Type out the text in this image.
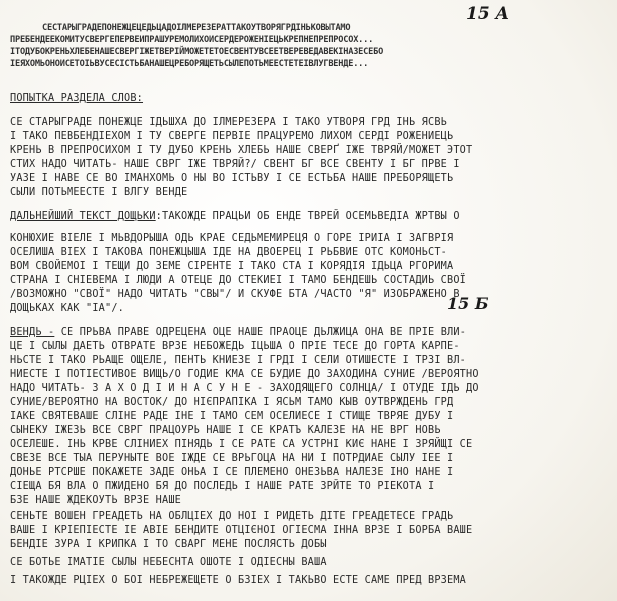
15 A
СЕСТАРЫГРАДЕПОНЕЖЦЕЦЕДЬЦАДОІЛМЕРЕЗЕРАТТАКОУТВОРЯГРДІНЬКОВЫТАМО
ПРЕБЕНДЕЕКОМИТУСВЕРГЕПЕРВЕИПРАШУРЕМОЛИХОИСЕРДЕРОЖЕНІЕЦЬКРЕПНЕПРЕПРОСОХ...
ІТОДУБОКРЕНЬХЛЕБЕНАШЕСВЕРГІЖЕТВЕРІЙМОЖЕТЕТОЕСВЕНТУВСЕЕТВЕРЕВЕДАВЕКІНАЗЕСЕБО
ІЕЯХОМЬОНОИСЕТОІЬВУСЕСІСТЬБАНАШЕЦРЕБОРЯЩЕТЬСЫЛЕПОТЬМЕЕСТЕТЕІВЛУГВЕНДЕ...
ПОПЫТКА РАЗДЕЛA СЛОВ:
СЕ СТАРЫГРАДЕ ПОНЕЖЦЕ ІДЬШХА ДО ІЛМЕРЕЗЕРА І ТАКО УТВОРЯ ГРД ІНЬ ЯСВЬ
І ТАКО ПЕВБЕНДІЕХОМ І ТУ СВЕРГЕ ПЕРВІЕ ПРАЦУРЕМО ЛИХОМ СЕРДІ РОЖЕНИЕЦЬ
КРЕНЬ В ПРЕПРОСИХОМ І ТУ ДУБО КРЕНЬ ХЛЕБЬ НАШЕ СВЕРҐ ІЖЕ ТВРЯЙ/МОЖЕТ ЭТОТ
СТИХ НАДО ЧИТАТЬ- НАШЕ СВРГ ІЖЕ ТВРЯЙ?/ СВЕНТ БГ ВСЕ СВЕНТУ І БГ ПРВЕ І
УАЗЕ І НАВЕ СЕ ВО ІМАНХОМЬ О НЫ ВО ІСТЬВУ І СЕ ЕСТЬБА НАШЕ ПРЕБОРЯЩЕТЬ
СЫЛИ ПОТЬМЕЕСТЕ І ВЛГУ ВЕНДЕ
ДАЛЬНЕЙШИЙ ТЕКСТ ДОЩЬКИ:ТАКОЖДЕ ПРАЦЬИ ОБ ЕНДЕ ТВРЕЙ ОСЕМЬВЕДІА ЖРТВЫ О
КОНЮХИЕ ВІЕЛЕ І МЬВДОРЫША ОДЬ КРАЕ СЕДЬМЕМИРЕЦЯ О ГОРЕ ІРИІА І ЗАГВРІЯ
ОСЕЛИША ВІЕХ І ТАКОВА ПОНЕЖЦЫША ІДЕ НА ДВОЕРЕЦ І РЬБВИЕ ОТС КОМОНЬСТ-
ВОМ СВОЙЕМОІ І ТЕЩИ ДО ЗЕМЕ СІРЕНТЕ І ТАКО СТА І КОРЯДІЯ ІДЬЦА РГОРИМА
СТРАНА І СНІЕВЕМА І ЛЮДИ А ОТЕЦЕ ДО СТЕКИЕІ І ТАМО БЕНДЕШЬ СОСТАДИЬ СВОЇ
/ВОЗМОЖНО "СВОЇ" НАДО ЧИТАТЬ "СВЫ"/ И СКУФЕ БТА /ЧАСТО "Я" ИЗОБРАЖЕНО В
ДОЩЬКАХ КАК "ІА"/.	15 Б
ВЕНДЬ - СЕ ПРЬВА ПРАВЕ ОДРЕЦЕНА ОЦЕ НАШЕ ПРАОЦЕ ДЬЛЖИЦА ОНА ВЕ ПРІЕ ВЛИ-
ЦЕ І СЫЛЫ ДАЕТЬ ОТВРАТЕ ВРЗЕ НЕБОЖЕДЬ ІЦЬША О ПРІЕ ТЕСЕ ДО ГОРТА КАРПЕ-
НЬСТЕ І ТАКО РЬАЩЕ ОЩЕЛЕ, ПЕНТЬ КНИЕЗЕ І ГРДІ І СЕЛИ ОТИШЕСТЕ І ТРЗІ ВЛ-
НИЕСТЕ І ПОТІЕСТИВОЕ ВИЩЬ/О ГОДИЕ КМА СЕ БУДИЕ ДО ЗАХОДИНА СУНИЕ /ВЕРОЯТНО
НАДО ЧИТАТЬ- З А Х О Д І И Н А С У Н Е - ЗАХОДЯЩЕГО СОЛНЦА/ І ОТУДЕ ІДЬ ДО
СУНИЕ/ВЕРОЯТНО НА ВОСТОК/ ДО НІЄПРАПІКА І ЯСЬМ ТАМО КЫВ ОУТВРЖДЕНЬ ГРД
ІАКЕ СВЯТЕВАШЕ СЛІНЕ РАДЕ ІНЕ І ТАМО СЕМ ОСЕЛИЕСЕ І СТИЩЕ ТВРЯЕ ДУБУ І
СЫНЕКУ ІЖЕЗЬ ВСЕ СВРГ ПРАЦОУРЬ НАШЕ І СЕ КРАТЪ КАЛЕЗЕ НА НЕ ВРГ НОВЬ
ОСЕЛЕШЕ. ІНЬ КРВЕ СЛІНИЕХ ПІНЯДЬ І СЕ РАТЕ СА УСТРНІ КИЄ НАНЕ І ЗРЯЙЩІ СЕ
СВЕЗЕ ВСЕ ТЫА ПЕРУНЫТЕ ВОЕ ІЖДЕ СЕ ВРЬГОЦА НА НИ І ПОТРДИАЕ СЫЛУ ІЕЕ І
ДОНЬЕ РТСРШЕ ПОКАЖЕТЕ ЗАДЕ ОНЬА І СЕ ПЛЕМЕНО ОНЕЗЬВА НАЛЕЗЕ ІНО НАНЕ І
СІЕЩА БЯ ВЛА О ПЖИДЕНО БЯ ДО ПОСЛЕДЬ І НАШЕ РАТЕ ЗРЙТЕ ТО РІЕКОТА І
БЗЕ НАШЕ ЖДЕКОУТЬ ВРЗЕ НАШЕ
СЕНЬТЕ ВОШЕН ГРЕАДЕТЬ НА ОБЛЦІЕХ ДО НОІ І РИДЕТЬ ДІТЕ ГРЕАДЕТЕСЕ ГРАДЬ
ВАШЕ І КРІЕПІЕСТЕ ІЕ АВІЕ БЕНДИТЕ ОТЦІЄНОІ ОГІЕСМА ІННА ВРЗЕ І БОРБА ВАШЕ
БЕНДІЕ ЗУРА І КРИПКА І ТО СВАРГ МЕНЕ ПОСЛЯСТЬ ДОБЫ
СЕ БОТЬЕ ІМАТІЕ СЫЛЫ НЕБЕСНТА ОШОТЕ І ОДІЕСНЫ ВАША
І ТАКОЖДЕ РЦІЕХ О БOІ НЕБРЕЖЕЩЕТЕ О БЗІЕХ І ТАКЬВО ЕСТЕ САМЕ ПРЕД ВРЗЕМА
